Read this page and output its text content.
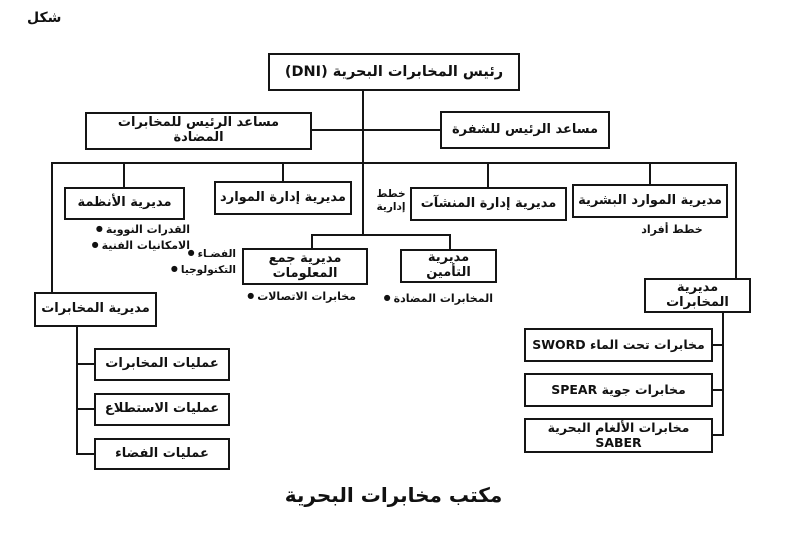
شكل
رئيس المخابرات البحرية (DNI)
مساعد الرئيس للمخابرات المضادة
مساعد الرئيس للشفرة
مديرية الأنظمة	مديرية إدارة الموارد	مديرية إدارة المنشآت	مديرية الموارد البشرية
خطط إدارية
خطط أفراد
القدرات النووية●
الامكانيات الفنية●
مديرية جمع المعلومات
مديرية التأمين
الفضـاء●
التكنولوجيا●
مخابرات الاتصالات●	المخابرات المضادة●
مديرية المخابرات
مخابرات تحت الماء SWORD
مخابرات جوية SPEAR
مخابرات الألغام البحرية SABER
مديرية المخابرات
عمليات المخابرات
عمليات الاستطلاع
عمليات الفضاء
مكتب مخابرات البحرية
